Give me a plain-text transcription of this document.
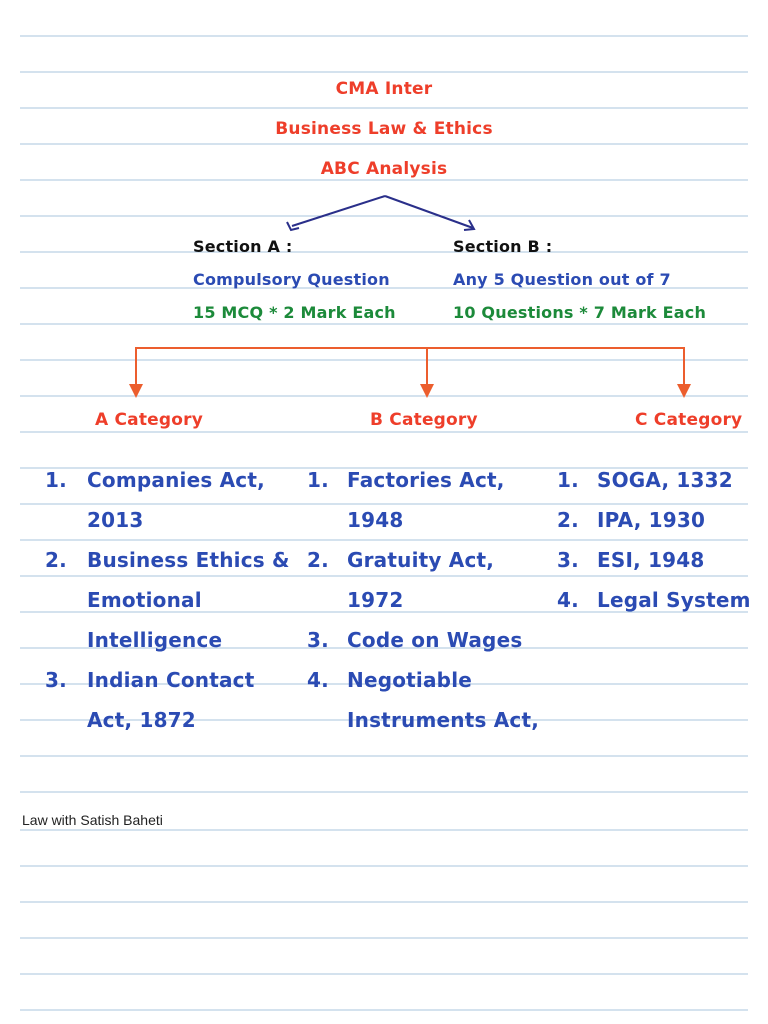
CMA Inter
Business Law & Ethics
ABC Analysis
Section A :
Compulsory Question
15 MCQ * 2 Mark Each
Section B :
Any 5 Question out of 7
10 Questions * 7 Mark Each
A Category	B Category	C Category
1. Companies Act,
2013
2. Business Ethics &
Emotional
Intelligence
3. Indian Contact
Act, 1872
1. Factories Act,
1948
2. Gratuity Act,
1972
3. Code on Wages
4. Negotiable
Instruments Act,
1. SOGA, 1332
2. IPA, 1930
3. ESI, 1948
4. Legal System
Law with Satish Baheti
